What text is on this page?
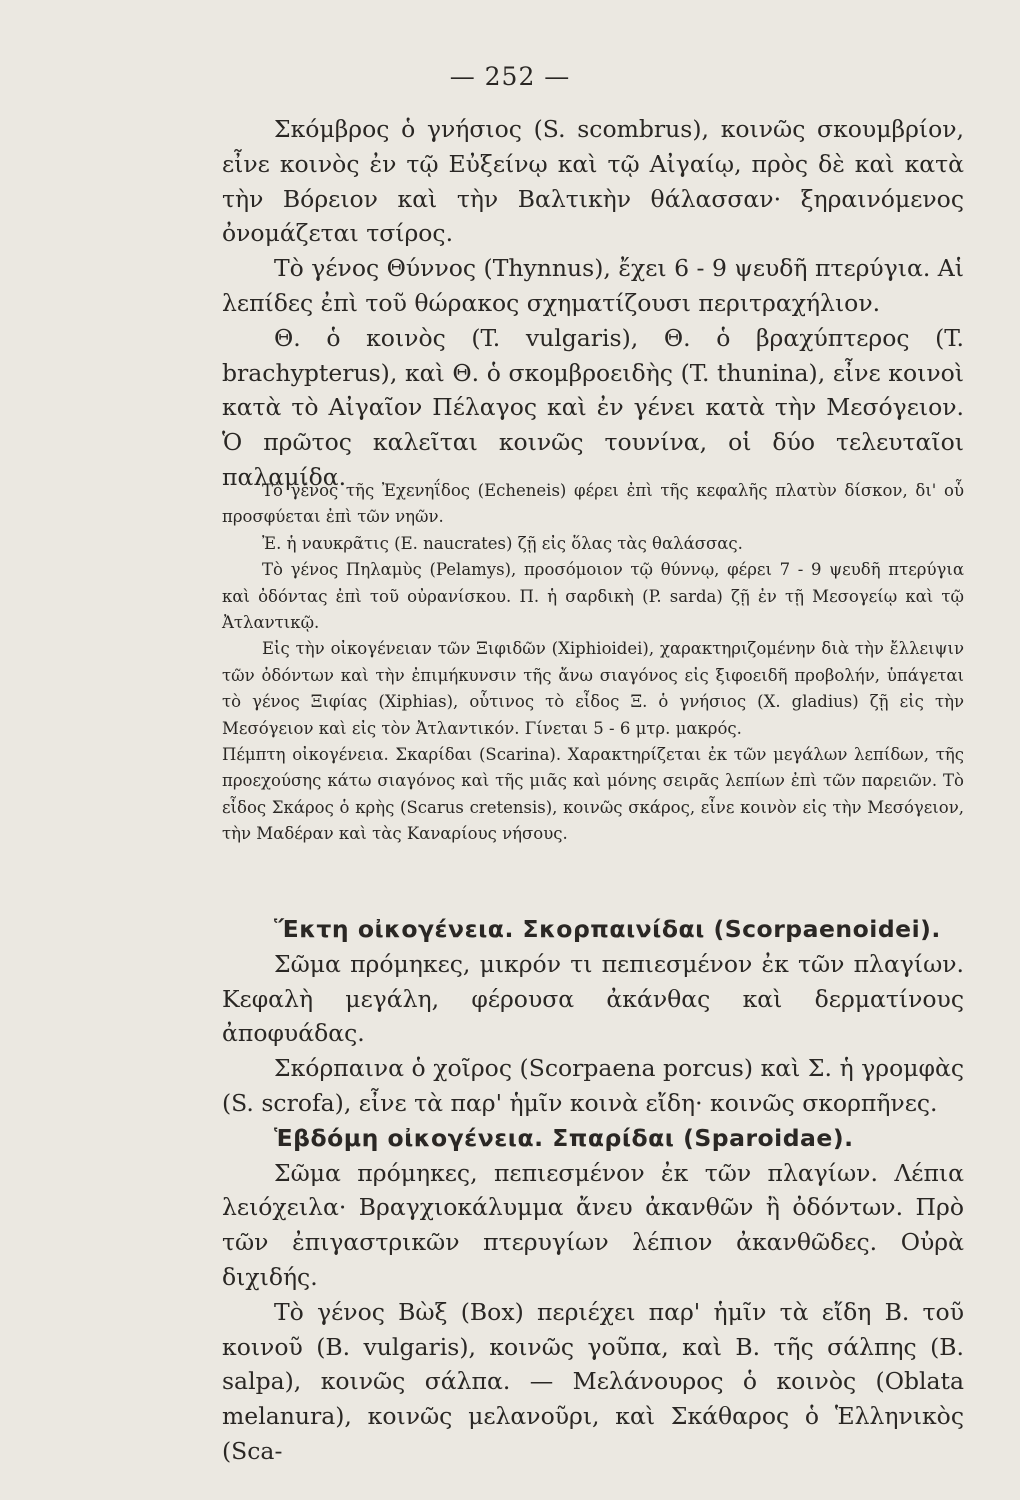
— 252 —

Σκόμβρος ὁ γνήσιος (S. scombrus), κοινῶς σκουμβρίον, εἶνε κοινὸς ἐν τῷ Εὐξείνῳ καὶ τῷ Αἰγαίῳ, πρὸς δὲ καὶ κατὰ τὴν Βόρειον καὶ τὴν Βαλτικὴν θάλασσαν· ξηραινόμενος ὀνομάζεται τσίρος.

Τὸ γένος Θύννος (Thynnus), ἔχει 6 - 9 ψευδῆ πτερύγια. Αἱ λεπίδες ἐπὶ τοῦ θώρακος σχηματίζουσι περιτραχήλιον.

Θ. ὁ κοινὸς (T. vulgaris), Θ. ὁ βραχύπτερος (T. brachypterus), καὶ Θ. ὁ σκομβροειδὴς (T. thunina), εἶνε κοινοὶ κατὰ τὸ Αἰγαῖον Πέλαγος καὶ ἐν γένει κατὰ τὴν Μεσόγειον. Ὁ πρῶτος καλεῖται κοινῶς τουνίνα, οἱ δύο τελευταῖοι παλαμίδα.

Τὸ γένος τῆς Ἐχενηΐδος (Echeneis) φέρει ἐπὶ τῆς κεφαλῆς πλατὺν δίσκον, δι' οὗ προσφύεται ἐπὶ τῶν νηῶν.

Ἐ. ἡ ναυκρᾶτις (E. naucrates) ζῇ εἰς ὅλας τὰς θαλάσσας.

Τὸ γένος Πηλαμὺς (Pelamys), προσόμοιον τῷ θύννῳ, φέρει 7 - 9 ψευδῆ πτερύγια καὶ ὀδόντας ἐπὶ τοῦ οὐρανίσκου. Π. ἡ σαρδικὴ (P. sarda) ζῇ ἐν τῇ Μεσογείῳ καὶ τῷ Ἀτλαντικῷ.

Εἰς τὴν οἰκογένειαν τῶν Ξιφιδῶν (Xiphioidei), χαρακτηριζομένην διὰ τὴν ἔλλειψιν τῶν ὀδόντων καὶ τὴν ἐπιμήκυνσιν τῆς ἄνω σιαγόνος εἰς ξιφοειδῆ προβολήν, ὑπάγεται τὸ γένος Ξιφίας (Xiphias), οὗτινος τὸ εἶδος Ξ. ὁ γνήσιος (X. gladius) ζῇ εἰς τὴν Μεσόγειον καὶ εἰς τὸν Ἀτλαντικόν. Γίνεται 5 - 6 μτρ. μακρός.

Πέμπτη οἰκογένεια. Σκαρίδαι (Scarina). Χαρακτηρίζεται ἐκ τῶν μεγάλων λεπίδων, τῆς προεχούσης κάτω σιαγόνος καὶ τῆς μιᾶς καὶ μόνης σειρᾶς λεπίων ἐπὶ τῶν παρειῶν. Τὸ εἶδος Σκάρος ὁ κρὴς (Scarus cretensis), κοινῶς σκάρος, εἶνε κοινὸν εἰς τὴν Μεσόγειον, τὴν Μαδέραν καὶ τὰς Καναρίους νήσους.

Ἕκτη οἰκογένεια. Σκορπαινίδαι (Scorpaenoidei).

Σῶμα πρόμηκες, μικρόν τι πεπιεσμένον ἐκ τῶν πλαγίων. Κεφαλὴ μεγάλη, φέρουσα ἀκάνθας καὶ δερματίνους ἀποφυάδας.

Σκόρπαινα ὁ χοῖρος (Scorpaena porcus) καὶ Σ. ἡ γρομφὰς (S. scrofa), εἶνε τὰ παρ' ἡμῖν κοινὰ εἴδη· κοινῶς σκορπῆνες.

Ἑβδόμη οἰκογένεια. Σπαρίδαι (Sparoidae).

Σῶμα πρόμηκες, πεπιεσμένον ἐκ τῶν πλαγίων. Λέπια λειόχειλα· Βραγχιοκάλυμμα ἄνευ ἀκανθῶν ἢ ὀδόντων. Πρὸ τῶν ἐπιγαστρικῶν πτερυγίων λέπιον ἀκανθῶδες. Οὐρὰ διχιδής.

Τὸ γένος Βὼξ (Box) περιέχει παρ' ἡμῖν τὰ εἴδη Β. τοῦ κοινοῦ (B. vulgaris), κοινῶς γοῦπα, καὶ Β. τῆς σάλπης (B. salpa), κοινῶς σάλπα. — Μελάνουρος ὁ κοινὸς (Oblata melanura), κοινῶς μελανοῦρι, καὶ Σκάθαρος ὁ Ἑλληνικὸς (Sca-
